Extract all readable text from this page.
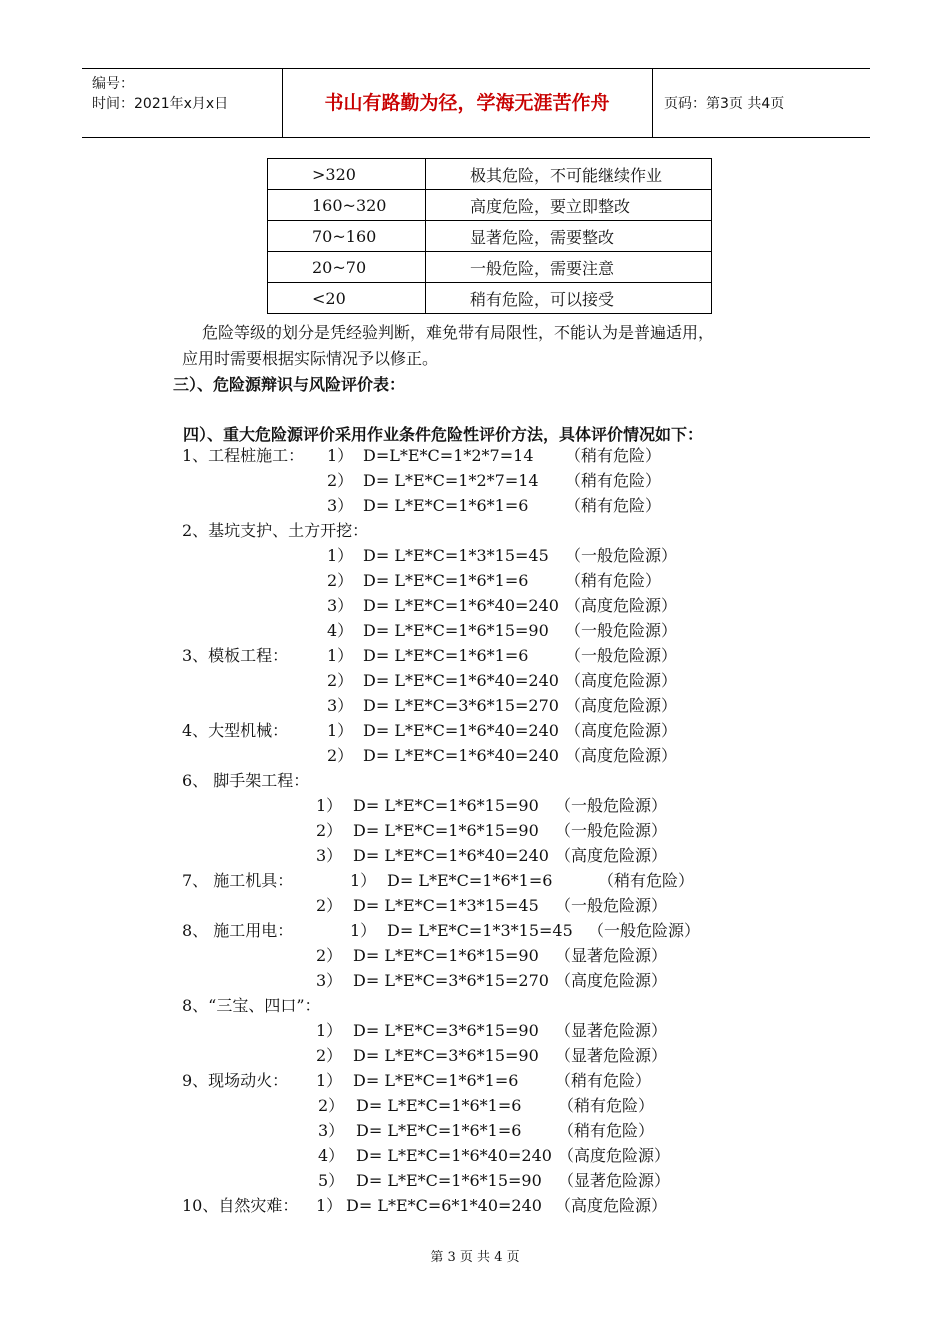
编号：
时间：2021年x月x日	书山有路勤为径，学海无涯苦作舟	页码：第3页 共4页
>320	极其危险，不可能继续作业
160~320	高度危险，要立即整改
70~160	显著危险，需要整改
20~70	一般危险，需要注意
<20	稍有危险，可以接受
危险等级的划分是凭经验判断，难免带有局限性，不能认为是普遍适用，
应用时需要根据实际情况予以修正。
三）、危险源辩识与风险评价表：
四）、重大危险源评价采用作业条件危险性评价方法，具体评价情况如下：
1、工程桩施工： 1） D=L*E*C=1*2*7=14 （稍有危险）
2） D= L*E*C=1*2*7=14 （稍有危险）
3） D= L*E*C=1*6*1=6 （稍有危险）
2、基坑支护、土方开挖：
1） D= L*E*C=1*3*15=45 （一般危险源）
2） D= L*E*C=1*6*1=6 （稍有危险）
3） D= L*E*C=1*6*40=240 （高度危险源）
4） D= L*E*C=1*6*15=90 （一般危险源）
3、模板工程： 1） D= L*E*C=1*6*1=6 （一般危险源）
2） D= L*E*C=1*6*40=240 （高度危险源）
3） D= L*E*C=3*6*15=270 （高度危险源）
4、大型机械： 1） D= L*E*C=1*6*40=240 （高度危险源）
2） D= L*E*C=1*6*40=240 （高度危险源）
6、 脚手架工程：
1） D= L*E*C=1*6*15=90 （一般危险源）
2） D= L*E*C=1*6*15=90 （一般危险源）
3） D= L*E*C=1*6*40=240 （高度危险源）
7、 施工机具：	1） D= L*E*C=1*6*1=6	（稍有危险）
2） D= L*E*C=1*3*15=45 （一般危险源）
8、 施工用电：	1） D= L*E*C=1*3*15=45 （一般危险源）
2） D= L*E*C=1*6*15=90 （显著危险源）
3） D= L*E*C=3*6*15=270 （高度危险源）
8、“三宝、四口”：
1） D= L*E*C=3*6*15=90 （显著危险源）
2） D= L*E*C=3*6*15=90 （显著危险源）
9、现场动火： 1） D= L*E*C=1*6*1=6 （稍有危险）
2） D= L*E*C=1*6*1=6 （稍有危险）
3） D= L*E*C=1*6*1=6 （稍有危险）
4） D= L*E*C=1*6*40=240 （高度危险源）
5） D= L*E*C=1*6*15=90 （显著危险源）
10、自然灾难： 1） D= L*E*C=6*1*40=240 （高度危险源）
第 3 页 共 4 页
